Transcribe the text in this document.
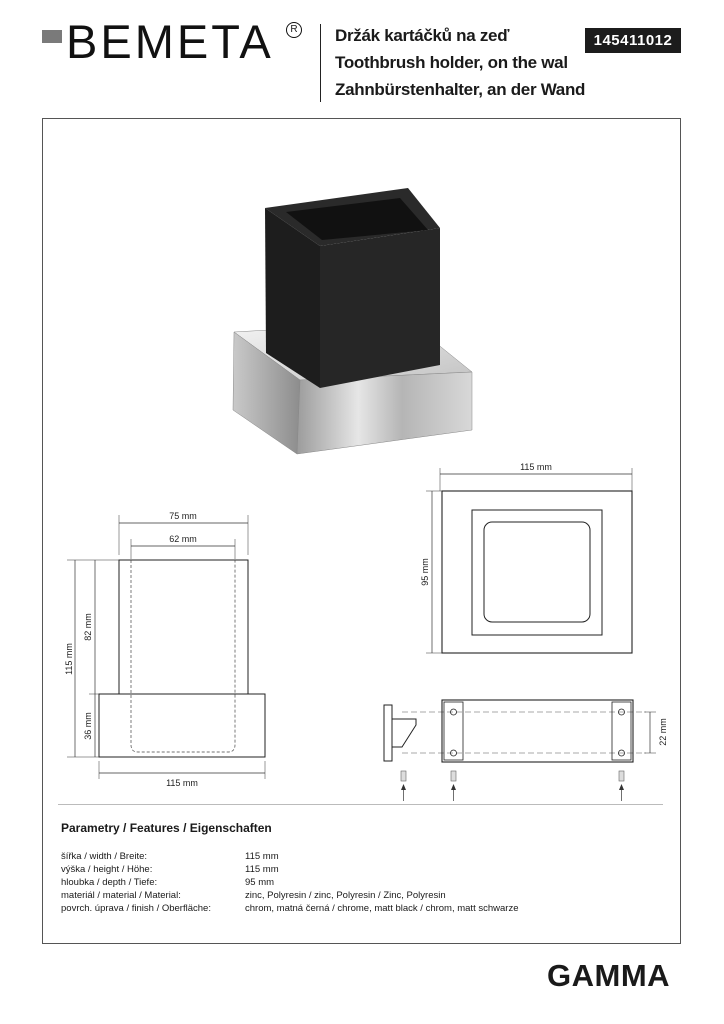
BEMETA	R Držák kartáčků na zeď
Toothbrush holder, on the wal
Zahnbürstenhalter, an der Wand
145411012
75 mm
62 mm
115 mm
82 mm
36 mm
115 mm
115 mm
95 mm
22 mm
Parametry / Features / Eigenschaften
šířka / width / Breite:	115 mm
výška / height / Höhe:	115 mm
hloubka / depth / Tiefe:	95 mm
materiál / material / Material:	zinc, Polyresin / zinc, Polyresin / Zinc, Polyresin
povrch. úprava / finish / Oberfläche:	chrom, matná černá / chrome, matt black / chrom, matt schwarze
GAMMA
